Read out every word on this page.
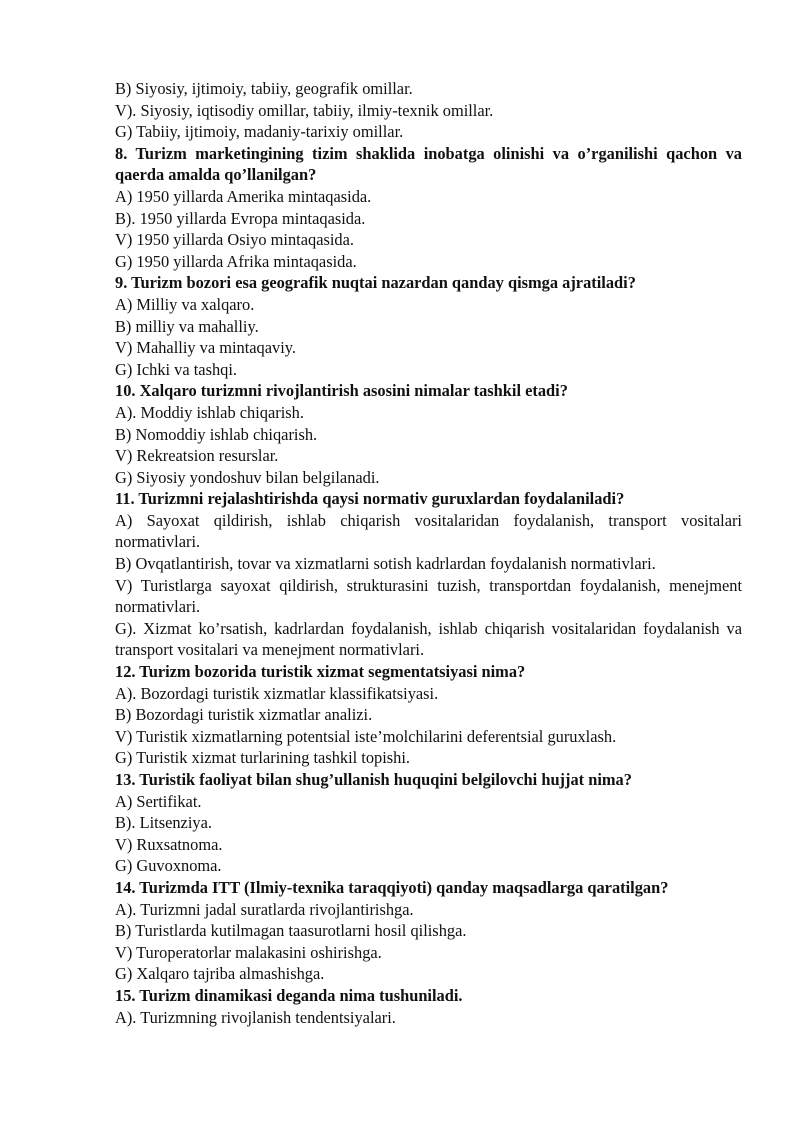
B) Siyosiy, ijtimoiy, tabiiy, geografik omillar.
V). Siyosiy, iqtisodiy omillar, tabiiy, ilmiy-texnik omillar.
G) Tabiiy, ijtimoiy, madaniy-tarixiy omillar.
8. Turizm marketingining tizim shaklida inobatga olinishi va o’rganilishi qachon va qaerda amalda qo’llanilgan?
A) 1950 yillarda Amerika mintaqasida.
B). 1950 yillarda Evropa mintaqasida.
V) 1950 yillarda Osiyo mintaqasida.
G) 1950 yillarda Afrika mintaqasida.
9. Turizm bozori esa geografik nuqtai nazardan qanday qismga ajratiladi?
A) Milliy va xalqaro.
B) milliy va mahalliy.
V) Mahalliy va mintaqaviy.
G) Ichki va tashqi.
10. Xalqaro turizmni rivojlantirish asosini nimalar tashkil etadi?
A). Moddiy ishlab chiqarish.
B) Nomoddiy ishlab chiqarish.
V) Rekreatsion resurslar.
G) Siyosiy yondoshuv bilan belgilanadi.
11. Turizmni rejalashtirishda qaysi normativ guruxlardan foydalaniladi?
A) Sayoxat qildirish, ishlab chiqarish vositalaridan foydalanish, transport vositalari normativlari.
B) Ovqatlantirish, tovar va xizmatlarni sotish kadrlardan foydalanish normativlari.
V) Turistlarga sayoxat qildirish, strukturasini tuzish, transportdan foydalanish, menejment normativlari.
G). Xizmat ko’rsatish, kadrlardan foydalanish, ishlab chiqarish vositalaridan foydalanish va transport vositalari va menejment normativlari.
12. Turizm bozorida turistik xizmat segmentatsiyasi nima?
A). Bozordagi turistik xizmatlar klassifikatsiyasi.
B) Bozordagi turistik xizmatlar analizi.
V) Turistik xizmatlarning potentsial iste’molchilarini deferentsial guruxlash.
G) Turistik xizmat turlarining tashkil topishi.
13. Turistik faoliyat bilan shug’ullanish huquqini belgilovchi hujjat nima?
A) Sertifikat.
B). Litsenziya.
V) Ruxsatnoma.
G) Guvoxnoma.
14. Turizmda ITT (Ilmiy-texnika taraqqiyoti) qanday maqsadlarga qaratilgan?
A). Turizmni jadal suratlarda rivojlantirishga.
B) Turistlarda kutilmagan taasurotlarni hosil qilishga.
V) Turoperatorlar malakasini oshirishga.
G) Xalqaro tajriba almashishga.
15. Turizm dinamikasi deganda nima tushuniladi.
A). Turizmning rivojlanish tendentsiyalari.
